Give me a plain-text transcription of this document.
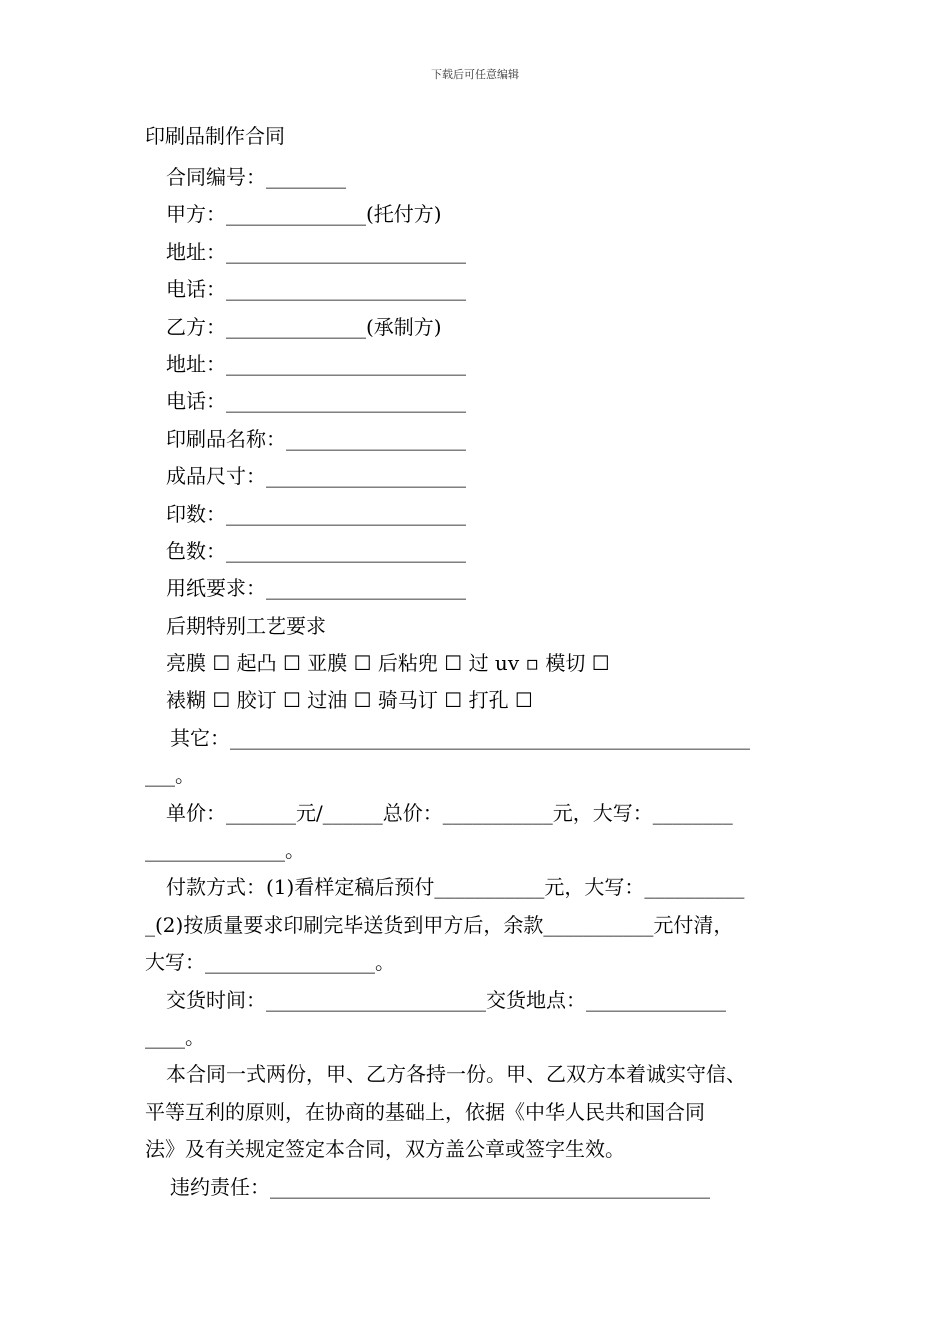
下载后可任意编辑
印刷品制作合同
合同编号：________
甲方：______________(托付方)
地址：________________________
电话：________________________
乙方：______________(承制方)
地址：________________________
电话：________________________
印刷品名称：__________________
成品尺寸：____________________
印数：________________________
色数：________________________
用纸要求：____________________
后期特别工艺要求
亮膜 ☐ 起凸 ☐ 亚膜 ☐ 后粘兜 ☐ 过 uv ▫ 模切 ☐
裱糊 ☐ 胶订 ☐ 过油 ☐ 骑马订 ☐ 打孔 ☐
其它：____________________________________________________
___。
单价：_______元/______总价：___________元，大写：________
______________。
付款方式：(1)看样定稿后预付___________元，大写：__________
_(2)按质量要求印刷完毕送货到甲方后，余款___________元付清，
大写：_________________。
交货时间：______________________交货地点：______________
____。
本合同一式两份，甲、乙方各持一份。甲、乙双方本着诚实守信、
平等互利的原则，在协商的基础上，依据《中华人民共和国合同
法》及有关规定签定本合同，双方盖公章或签字生效。
违约责任：____________________________________________
